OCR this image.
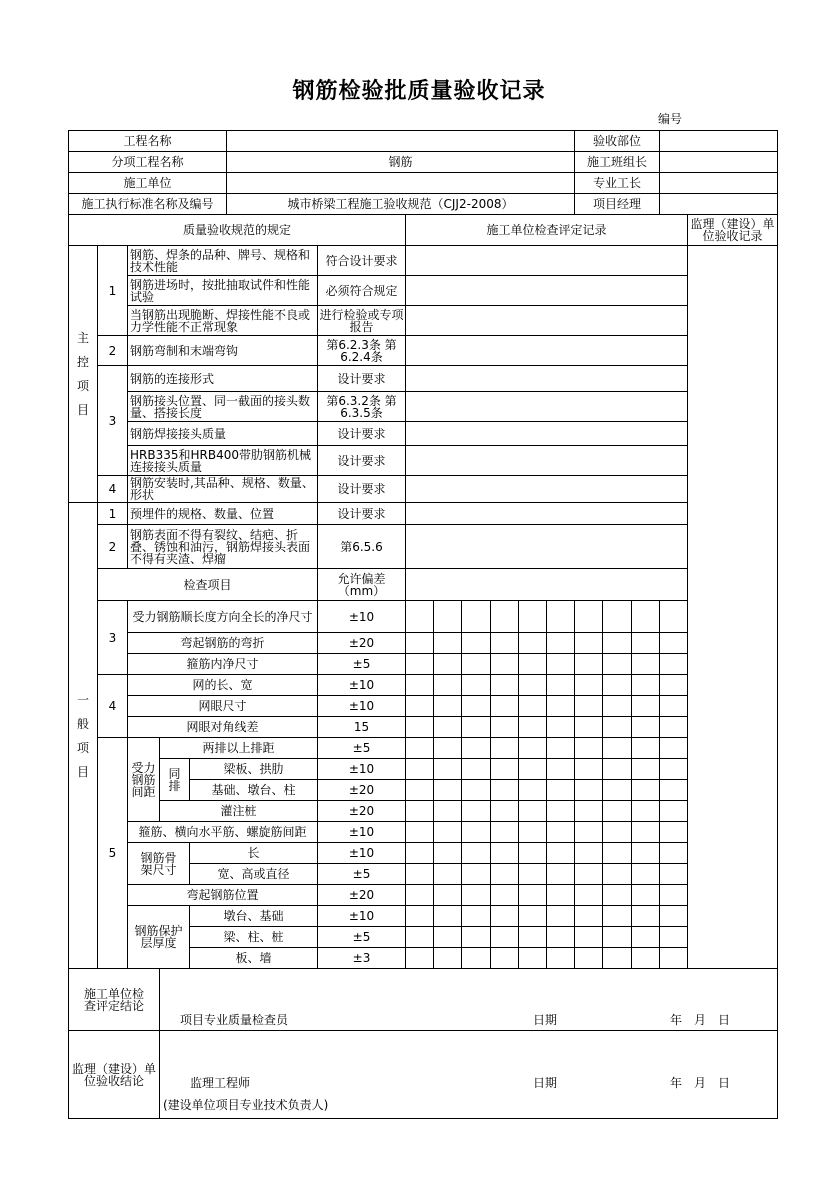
钢筋检验批质量验收记录
编号
工程名称													验收部位				
分项工程名称					钢筋								施工班组长				
施工单位													专业工长				
施工执行标准名称及编号					城市桥梁工程施工验收规范（CJJ2-2008）								项目经理				
质量验收规范的规定							施工单位检查评定记录										监理（建设）单位验收记录
主控项目	1	钢筋、焊条的品种、牌号、规格和技术性能				符合设计要求											
		钢筋进场时，按批抽取试件和性能试验				必须符合规定											
		当钢筋出现脆断、焊接性能不良或力学性能不正常现象				进行检验或专项报告											
	2	钢筋弯制和末端弯钩				第6.2.3条 第6.2.4条											
	3	钢筋的连接形式				设计要求											
		钢筋接头位置、同一截面的接头数量、搭接长度				第6.3.2条 第6.3.5条											
		钢筋焊接接头质量				设计要求											
		HRB335和HRB400带肋钢筋机械连接接头质量				设计要求											
	4	钢筋安装时,其品种、规格、数量、形状				设计要求											
一般项目	1	预埋件的规格、数量、位置				设计要求											
	2	钢筋表面不得有裂纹、结疤、折叠、锈蚀和油污，钢筋焊接头表面不得有夹渣、焊瘤				第6.5.6											
	检查项目					允许偏差（mm）											
	3	受力钢筋顺长度方向全长的净尺寸				±10											
		弯起钢筋的弯折				±20											
		箍筋内净尺寸				±5											
	4	网的长、宽				±10											
		网眼尺寸				±10											
		网眼对角线差				15											
	5	受力钢筋间距	两排以上排距			±5											
			同排	梁板、拱肋		±10											
				基础、墩台、柱		±20											
			灌注桩			±20											
		箍筋、横向水平筋、螺旋筋间距				±10											
		钢筋骨架尺寸		长		±10											
				宽、高或直径		±5											
		弯起钢筋位置				±20											
		钢筋保护层厚度		墩台、基础		±10											
				梁、柱、桩		±5											
				板、墙		±3											
施工单位检查评定结论			项目专业质量检查员 日期 年　月　日														

监理（建设）单位验收结论			监理工程师 日期 年　月　日
(建设单位项目专业技术负责人)														
